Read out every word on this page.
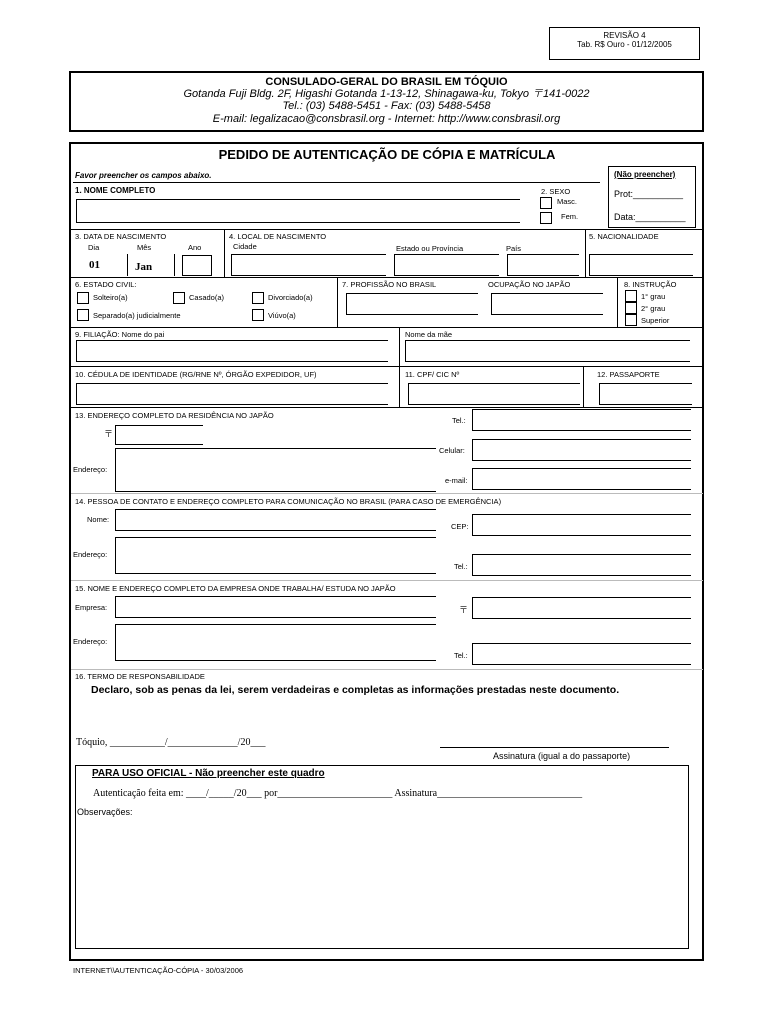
REVISÃO 4
Tab. R$ Ouro - 01/12/2005
CONSULADO-GERAL DO BRASIL EM TÓQUIO
Gotanda Fuji Bldg. 2F, Higashi Gotanda 1-13-12, Shinagawa-ku, Tokyo 〒141-0022
Tel.: (03) 5488-5451 - Fax: (03) 5488-5458
E-mail: legalizacao@consbrasil.org - Internet: http://www.consbrasil.org
PEDIDO DE AUTENTICAÇÃO DE CÓPIA E MATRÍCULA
Favor preencher os campos abaixo.	(Não preencher)
Prot:__________
Data:__________
1. NOME COMPLETO	2. SEXO
Masc.
Fem.
3. DATA DE NASCIMENTO
Dia	Mês	Ano
01	Jan
4. LOCAL DE NASCIMENTO
Cidade	Estado ou Província	País
5. NACIONALIDADE
6. ESTADO CIVIL:
Solteiro(a)	Casado(a)	Divorciado(a)
Separado(a) judicialmente	Viúvo(a)
7. PROFISSÃO NO BRASIL	OCUPAÇÃO NO JAPÃO	8. INSTRUÇÃO
1° grau
2° grau
Superior
9. FILIAÇÃO: Nome do pai	Nome da mãe
10. CÉDULA DE IDENTIDADE (RG/RNE Nº, ÓRGÃO EXPEDIDOR, UF)	11. CPF/ CIC Nº	12. PASSAPORTE
13. ENDEREÇO COMPLETO DA RESIDÊNCIA NO JAPÃO
〒
Tel.:
Celular:
Endereço:
e-mail:
14. PESSOA DE CONTATO E ENDEREÇO COMPLETO PARA COMUNICAÇÃO NO BRASIL (PARA CASO DE EMERGÊNCIA)
Nome:
CEP:
Endereço:
Tel.:
15. NOME E ENDEREÇO COMPLETO DA EMPRESA ONDE TRABALHA/ ESTUDA NO JAPÃO
Empresa:	〒
Endereço:
Tel.:
16. TERMO DE RESPONSABILIDADE
Declaro, sob as penas da lei, serem verdadeiras e completas as informações prestadas neste documento.
Tóquio, ___________/______________/20___
Assinatura (igual a do passaporte)
PARA USO OFICIAL - Não preencher este quadro
Autenticação feita em: ____/_____/20___ por_______________________ Assinatura_____________________________
Observações:
INTERNET\\AUTENTICAÇÃO-CÓPIA - 30/03/2006
